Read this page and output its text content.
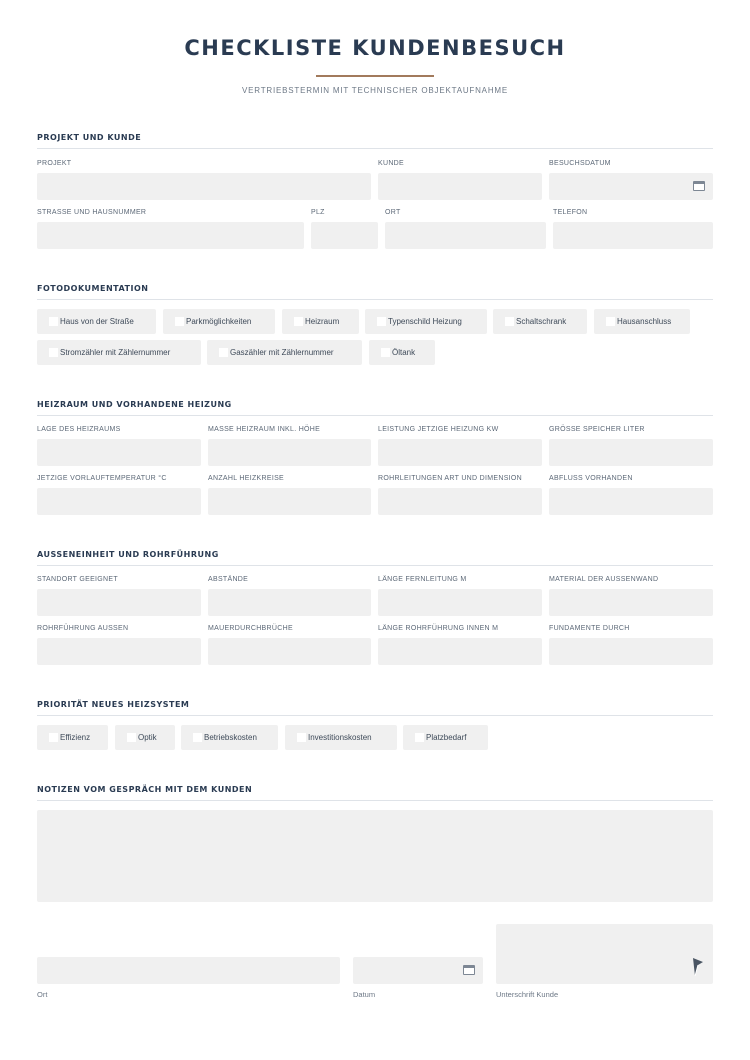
CHECKLISTE KUNDENBESUCH
VERTRIEBSTERMIN MIT TECHNISCHER OBJEKTAUFNAHME
PROJEKT UND KUNDE
PROJEKT	KUNDE	BESUCHSDATUM
STRASSE UND HAUSNUMMER	PLZ	ORT	TELEFON
FOTODOKUMENTATION
Haus von der Straße	Parkmöglichkeiten	Heizraum	Typenschild Heizung	Schaltschrank	Hausanschluss
Stromzähler mit Zählernummer	Gaszähler mit Zählernummer	Öltank
HEIZRAUM UND VORHANDENE HEIZUNG
LAGE DES HEIZRAUMS	MASSE HEIZRAUM INKL. HÖHE	LEISTUNG JETZIGE HEIZUNG KW	GRÖSSE SPEICHER LITER
JETZIGE VORLAUFTEMPERATUR °C	ANZAHL HEIZKREISE	ROHRLEITUNGEN ART UND DIMENSION	ABFLUSS VORHANDEN
AUSSENEINHEIT UND ROHRFÜHRUNG
STANDORT GEEIGNET	ABSTÄNDE	LÄNGE FERNLEITUNG M	MATERIAL DER AUSSENWAND
ROHRFÜHRUNG AUSSEN	MAUERDURCHBRÜCHE	LÄNGE ROHRFÜHRUNG INNEN M	FUNDAMENTE DURCH
PRIORITÄT NEUES HEIZSYSTEM
Effizienz	Optik	Betriebskosten	Investitionskosten	Platzbedarf
NOTIZEN VOM GESPRÄCH MIT DEM KUNDEN
Ort	Datum	Unterschrift Kunde
